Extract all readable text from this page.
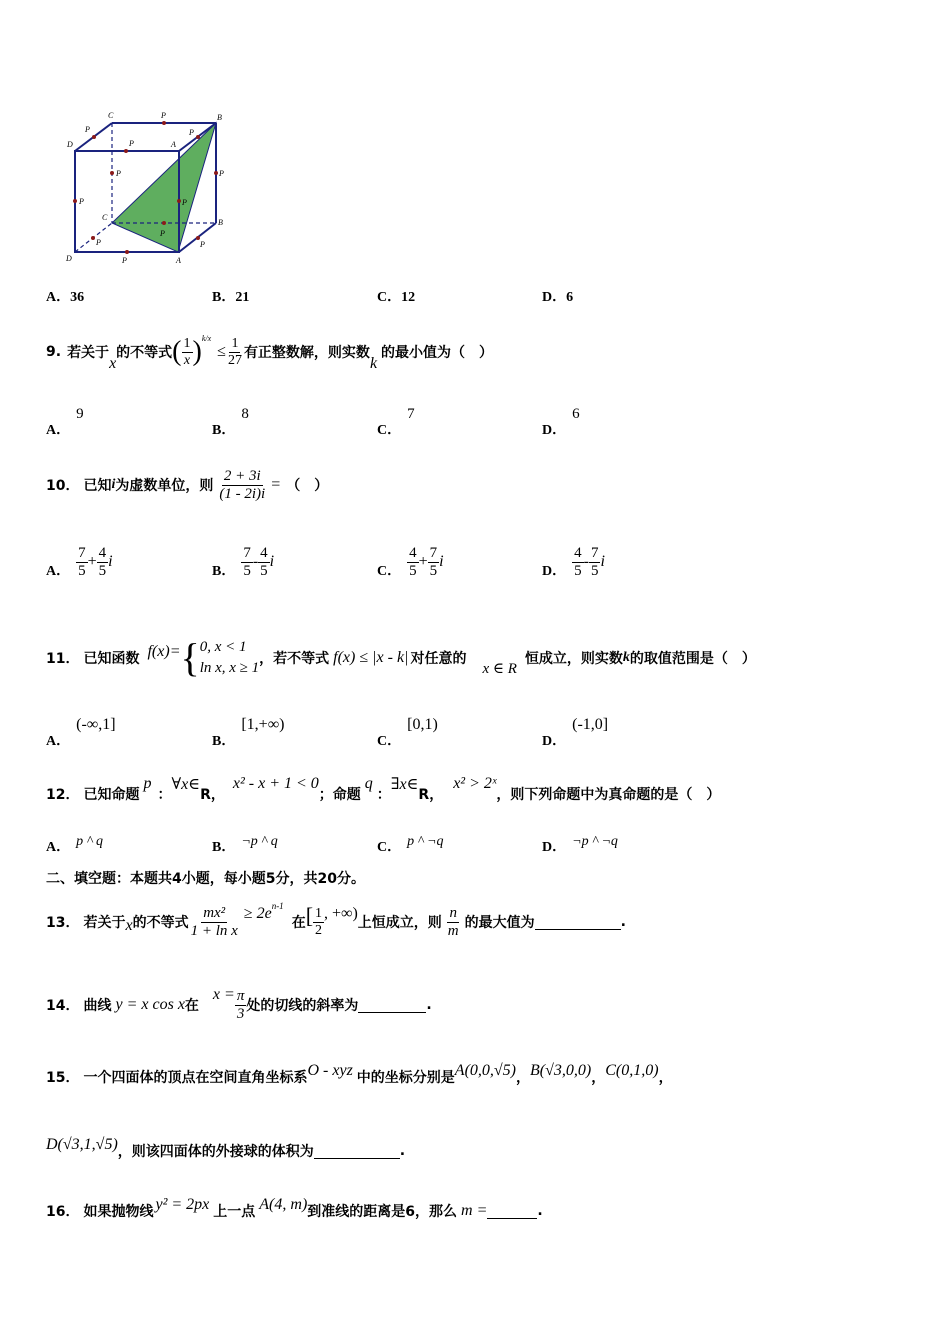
C	B
D	A
C
B
D	A
P
P
P
P
P	P
P
P
P
P
P
P
A．36	B．21	C．12	D．6
9. 若关于
x
的不等式 ( $\frac{1}{x}$ ) k/x
≤ $\frac{1}{27}$ 有正整数解，则实数
k
的最小值为（　）
A．9
B．8
C．7
D．6
10． 已知 i 为虚数单位，则 $\frac{2 + 3i}{(1 - 2i)i}$ = （　）
A． $\frac{7}{5} + \frac{4}{5}$ i
B． $\frac{7}{5} - \frac{4}{5}$ i
C． $\frac{4}{5} + \frac{7}{5}$ i
D． $\frac{4}{5} - \frac{7}{5}$ i
11． 已知函数 f(x)= { 0, x < 1
ln x, x ≥ 1
，若不等式 f(x) ≤ |x - k| 对任意的
x ∈ R
恒成立，则实数 k 的取值范围是（　）
A．(-∞,1]
B．[1,+∞)
C．[0,1)
D．(-1,0]
12． 已知命题
p
：
∀x∈
R，
x² - x + 1 < 0
；命题
q
：
∃x∈
R，
x² > 2ˣ
，则下列命题中为真命题的是（　）
A． p ^ q	B． ¬p ^ q	C． p ^ ¬q	D． ¬p ^ ¬q
二、填空题：本题共4小题，每小题5分，共20分。
13． 若关于 x 的不等式 $\frac{\text{mx²}}{\text{1 + ln x}} \ge 2e$ n-1
在 [ $\frac{1}{2}$ , +∞)
上恒成立，则 $\frac{n}{m}$ 的最大值为	.
14． 曲线 y = x cos x 在
$x = \frac{\pi}{3}$ 处的切线的斜率为	.
15． 一个四面体的顶点在空间直角坐标系 O - xyz 中的坐标分别是 A(0,0,√5) ， B(√3,0,0) ， C(0,1,0) ，
D(√3,1,√5) ，则该四面体的外接球的体积为	.
16． 如果抛物线 y² = 2px 上一点 A(4, m) 到准线的距离是6，那么 m =	.
